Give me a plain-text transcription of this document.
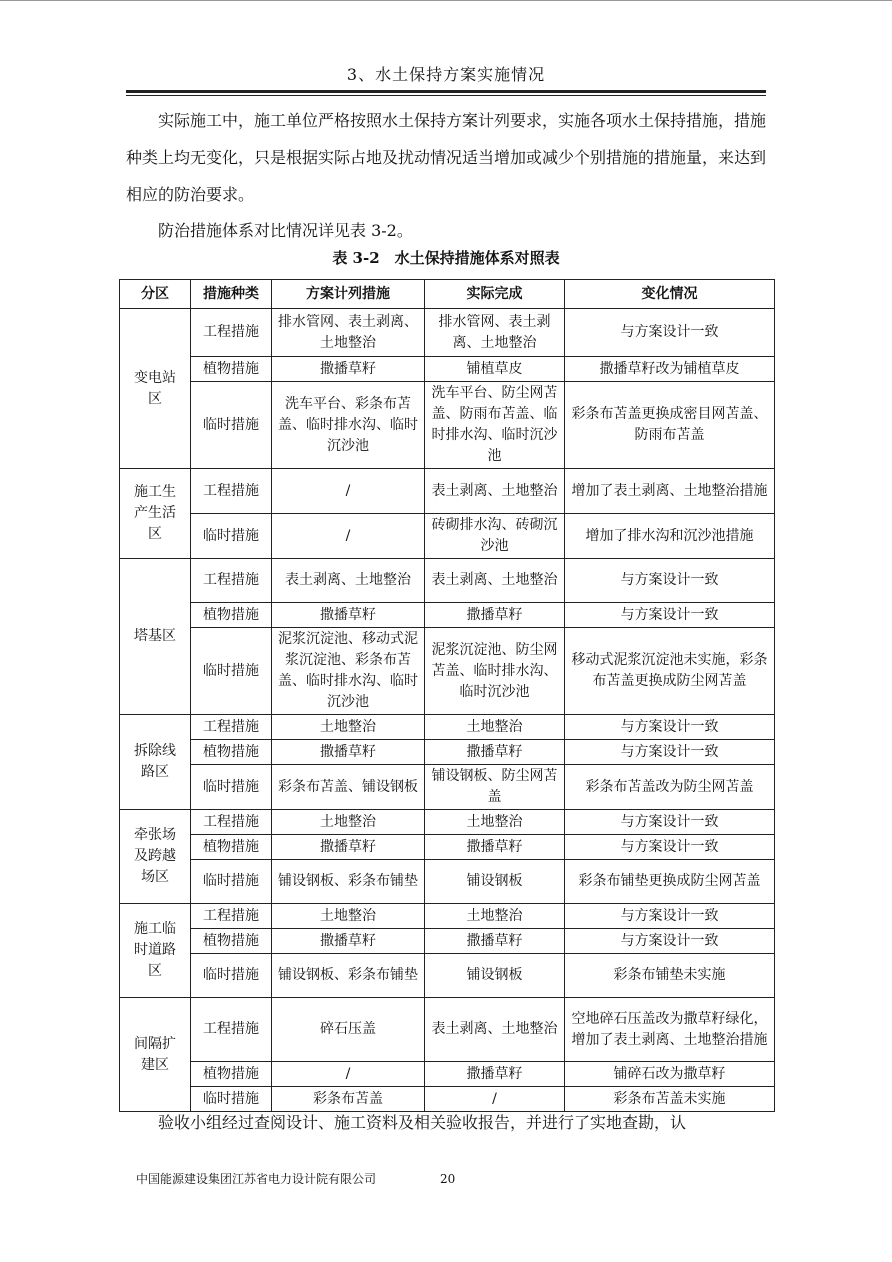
3、水土保持方案实施情况

实际施工中，施工单位严格按照水土保持方案计列要求，实施各项水土保持措施，措施种类上均无变化，只是根据实际占地及扰动情况适当增加或减少个别措施的措施量，来达到相应的防治要求。

防治措施体系对比情况详见表 3-2。

表 3-2　水土保持措施体系对照表
分区	措施种类	方案计列措施	实际完成	变化情况
变电站区	工程措施	排水管网、表土剥离、土地整治	排水管网、表土剥离、土地整治	与方案设计一致
	植物措施	撒播草籽	铺植草皮	撒播草籽改为铺植草皮
	临时措施	洗车平台、彩条布苫盖、临时排水沟、临时沉沙池	洗车平台、防尘网苫盖、防雨布苫盖、临时排水沟、临时沉沙池	彩条布苫盖更换成密目网苫盖、防雨布苫盖
施工生产生活区	工程措施	/	表土剥离、土地整治	增加了表土剥离、土地整治措施
	临时措施	/	砖砌排水沟、砖砌沉沙池	增加了排水沟和沉沙池措施
塔基区	工程措施	表土剥离、土地整治	表土剥离、土地整治	与方案设计一致
	植物措施	撒播草籽	撒播草籽	与方案设计一致
	临时措施	泥浆沉淀池、移动式泥浆沉淀池、彩条布苫盖、临时排水沟、临时沉沙池	泥浆沉淀池、防尘网苫盖、临时排水沟、临时沉沙池	移动式泥浆沉淀池未实施，彩条布苫盖更换成防尘网苫盖
拆除线路区	工程措施	土地整治	土地整治	与方案设计一致
	植物措施	撒播草籽	撒播草籽	与方案设计一致
	临时措施	彩条布苫盖、铺设钢板	铺设钢板、防尘网苫盖	彩条布苫盖改为防尘网苫盖
牵张场及跨越场区	工程措施	土地整治	土地整治	与方案设计一致
	植物措施	撒播草籽	撒播草籽	与方案设计一致
	临时措施	铺设钢板、彩条布铺垫	铺设钢板	彩条布铺垫更换成防尘网苫盖
施工临时道路区	工程措施	土地整治	土地整治	与方案设计一致
	植物措施	撒播草籽	撒播草籽	与方案设计一致
	临时措施	铺设钢板、彩条布铺垫	铺设钢板	彩条布铺垫未实施
间隔扩建区	工程措施	碎石压盖	表土剥离、土地整治	空地碎石压盖改为撒草籽绿化，增加了表土剥离、土地整治措施
	植物措施	/	撒播草籽	铺碎石改为撒草籽
	临时措施	彩条布苫盖	/	彩条布苫盖未实施

验收小组经过查阅设计、施工资料及相关验收报告，并进行了实地查勘，认

中国能源建设集团江苏省电力设计院有限公司	20
